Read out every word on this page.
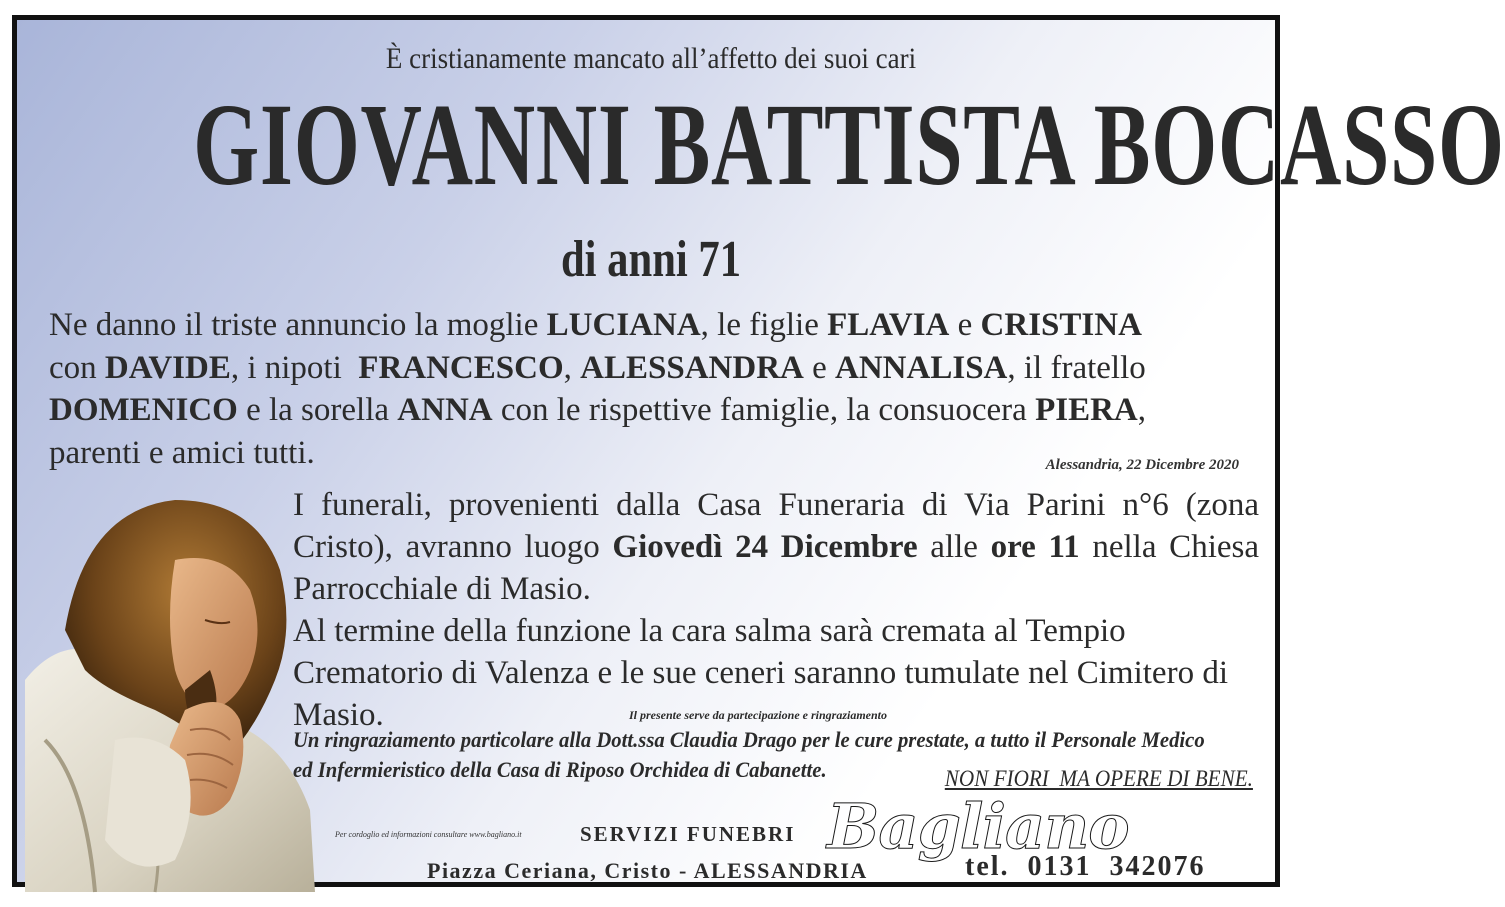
È cristianamente mancato all’affetto dei suoi cari
GIOVANNI BATTISTA BOCASSO
di anni 71
Ne danno il triste annuncio la moglie LUCIANA, le figlie FLAVIA e CRISTINA
con DAVIDE, i nipoti  FRANCESCO, ALESSANDRA e ANNALISA, il fratello
DOMENICO e la sorella ANNA con le rispettive famiglie, la consuocera PIERA,
parenti e amici tutti.	Alessandria, 22 Dicembre 2020
I funerali, provenienti dalla Casa Funeraria di Via Parini n°6 (zona Cristo), avranno luogo Giovedì 24 Dicembre alle ore 11 nella Chiesa Parrocchiale di Masio.
Al termine della funzione la cara salma sarà cremata al Tempio Crematorio di Valenza e le sue ceneri saranno tumulate nel Cimitero di Masio.	Il presente serve da partecipazione e ringraziamento
Un ringraziamento particolare alla Dott.ssa Claudia Drago per le cure prestate, a tutto il Personale Medico ed Infermieristico della Casa di Riposo Orchidea di Cabanette.	NON FIORI  MA OPERE DI BENE.
Per cordoglio ed informazioni consultare www.bagliano.it	SERVIZI FUNEBRI Bagliano
Piazza Ceriana, Cristo - ALESSANDRIA	tel.  0131  342076
